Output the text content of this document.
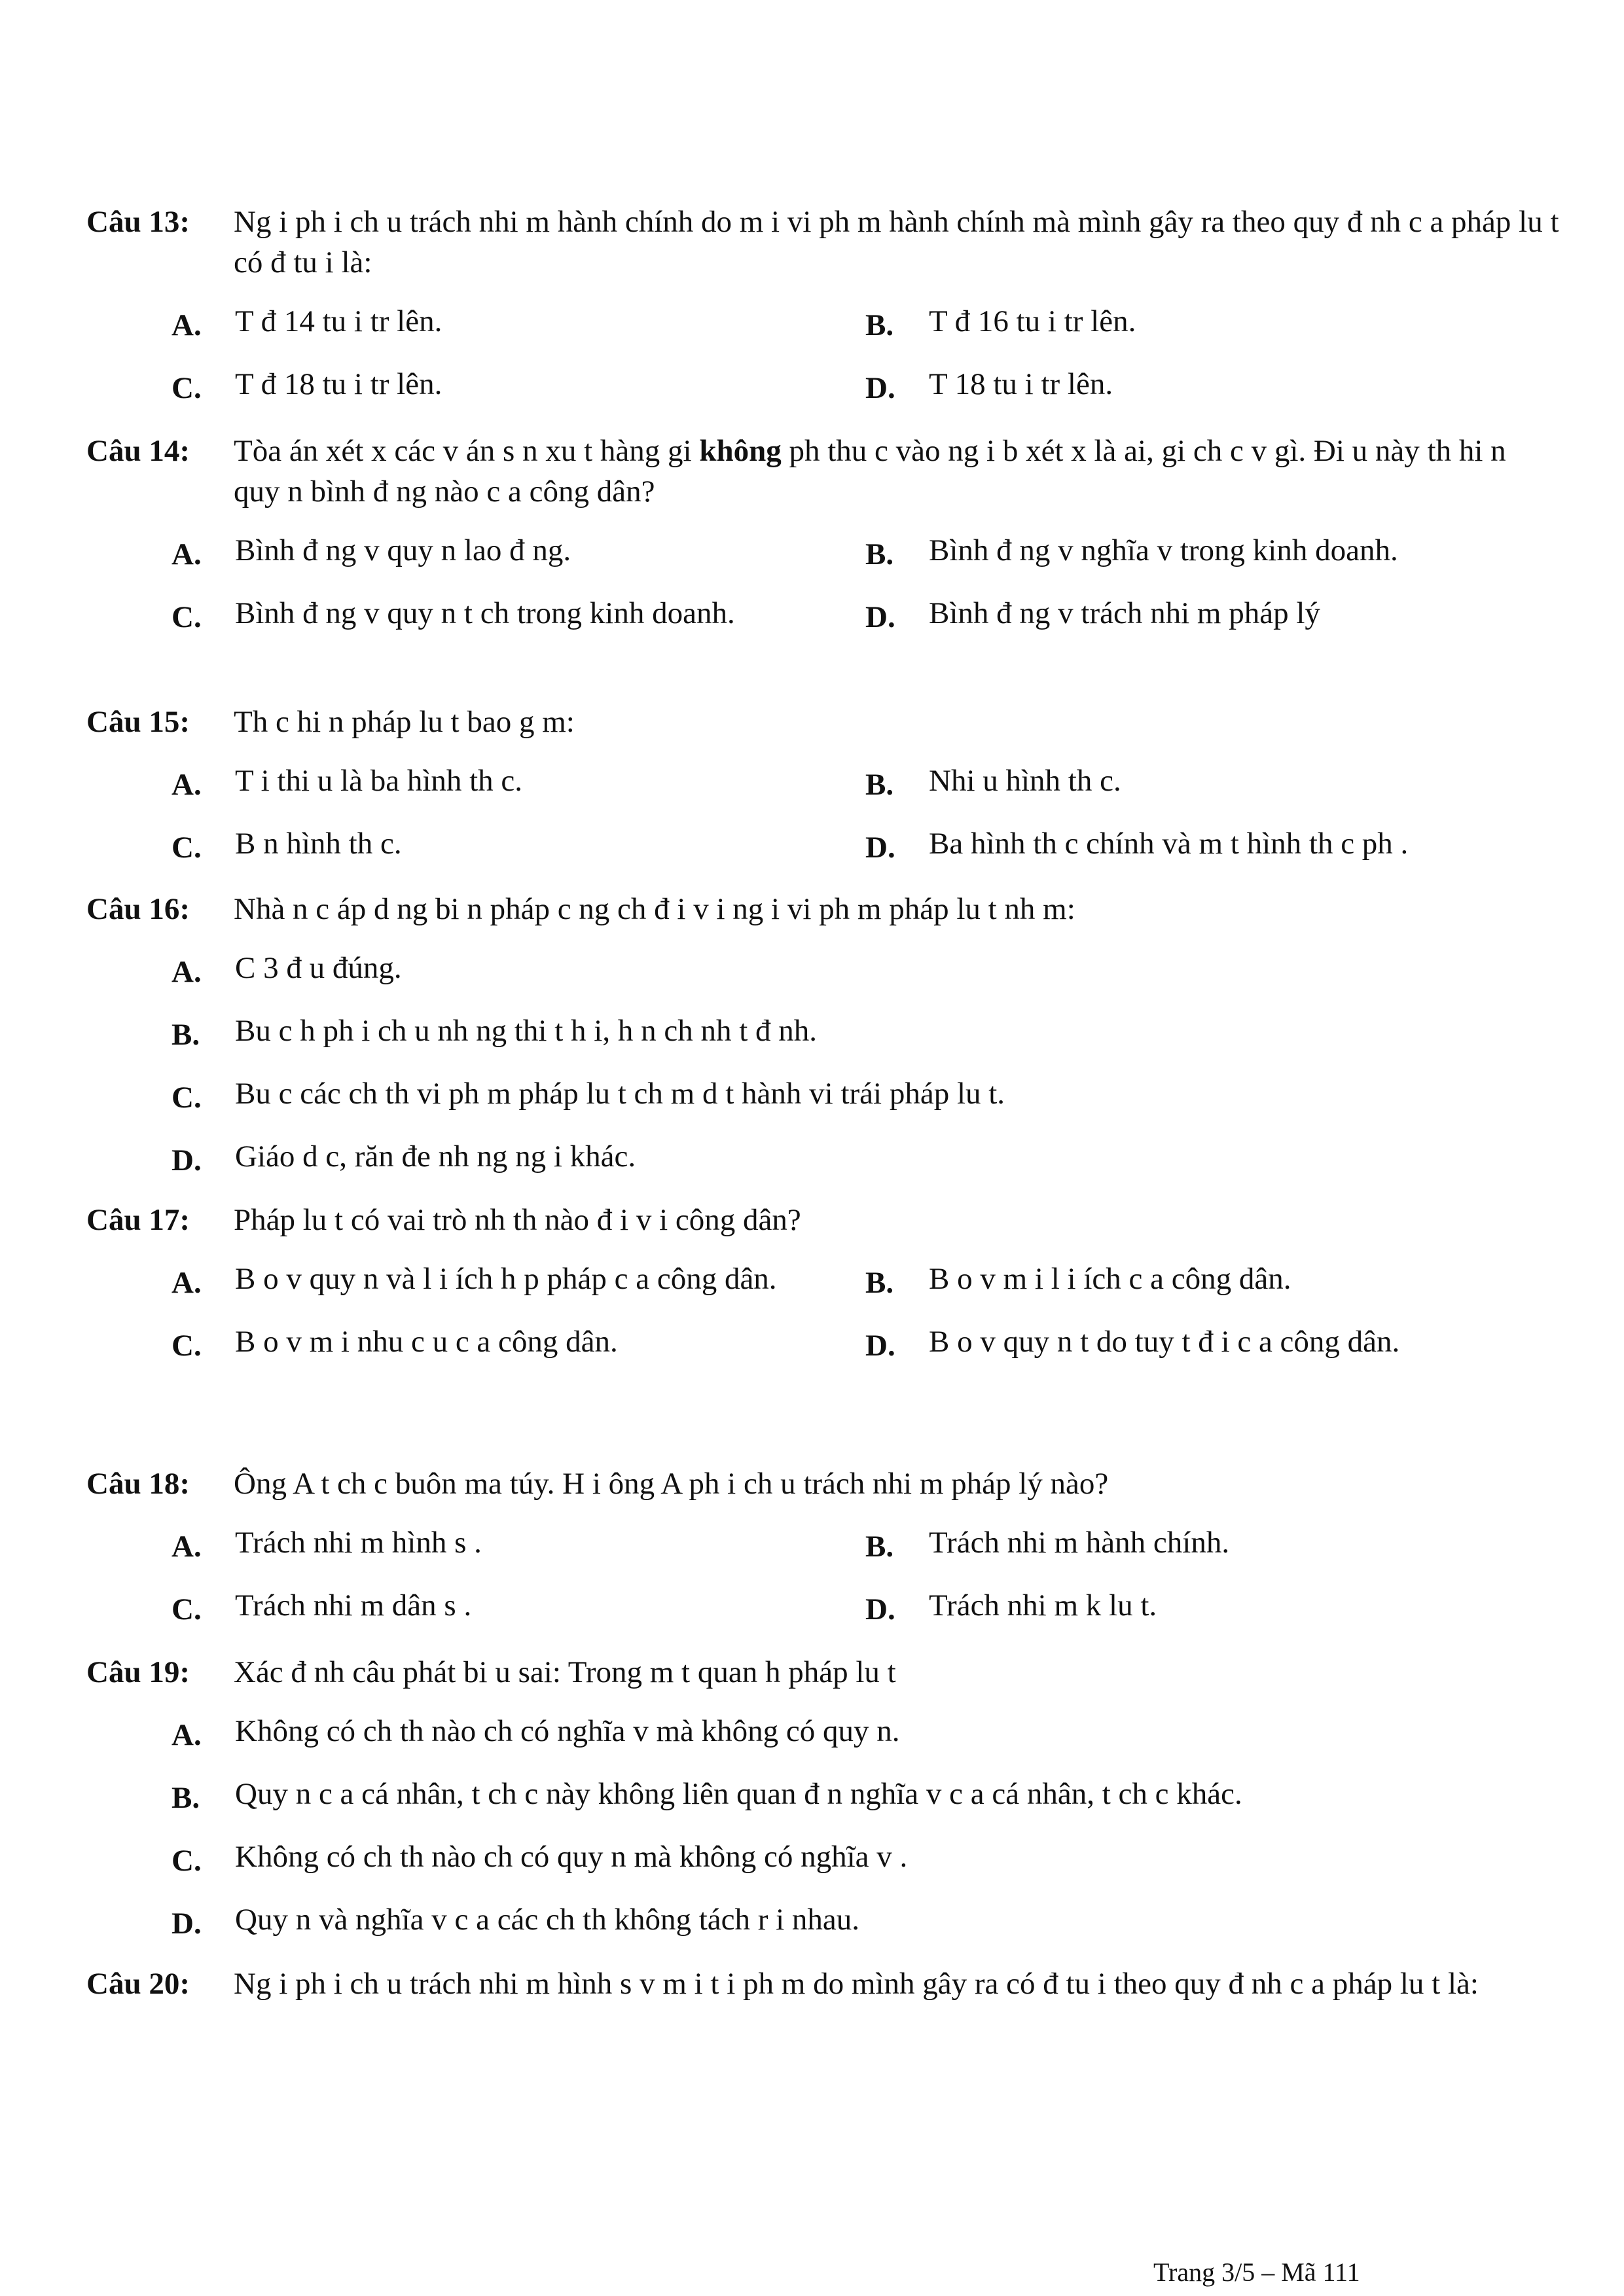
Câu 13:	Ng i ph i ch u trách nhi m hành chính do m i vi ph m hành chính mà mình gây ra theo quy đ nh c a pháp lu t có đ tu i là:
A.	T đ 14 tu i tr lên.	B.	T đ 16 tu i tr lên.
C.	T đ 18 tu i tr lên.	D.	T 18 tu i tr lên.
Câu 14:	Tòa án xét x các v án s n xu t hàng gi không ph thu c vào ng i b xét x là ai, gi ch c v gì. Đi u này th hi n quy n bình đ ng nào c a công dân?
A.	Bình đ ng v quy n lao đ ng.	B.	Bình đ ng v nghĩa v trong kinh doanh.
C.	Bình đ ng v quy n t ch trong kinh doanh.	D.	Bình đ ng v trách nhi m pháp lý
Câu 15:	Th c hi n pháp lu t bao g m:
A.	T i thi u là ba hình th c.	B.	Nhi u hình th c.
C.	B n hình th c.	D.	Ba hình th c chính và m t hình th c ph .
Câu 16:	Nhà n c áp d ng bi n pháp c ng ch đ i v i ng i vi ph m pháp lu t nh m:
A.	C 3 đ u đúng.
B.	Bu c h ph i ch u nh ng thi t h i, h n ch nh t đ nh.
C.	Bu c các ch th vi ph m pháp lu t ch m d t hành vi trái pháp lu t.
D.	Giáo d c, răn đe nh ng ng i khác.
Câu 17:	Pháp lu t có vai trò nh th nào đ i v i công dân?
A.	B o v quy n và l i ích h p pháp c a công dân.	B.	B o v m i l i ích c a công dân.
C.	B o v m i nhu c u c a công dân.	D.	B o v quy n t do tuy t đ i c a công dân.
Câu 18:	Ông A t ch c buôn ma túy. H i ông A ph i ch u trách nhi m pháp lý nào?
A.	Trách nhi m hình s .	B.	Trách nhi m hành chính.
C.	Trách nhi m dân s .	D.	Trách nhi m k lu t.
Câu 19:	Xác đ nh câu phát bi u sai: Trong m t quan h pháp lu t
A.	Không có ch th nào ch có nghĩa v mà không có quy n.
B.	Quy n c a cá nhân, t ch c này không liên quan đ n nghĩa v c a cá nhân, t ch c khác.
C.	Không có ch th nào ch có quy n mà không có nghĩa v .
D.	Quy n và nghĩa v c a các ch th không tách r i nhau.
Câu 20:	Ng i ph i ch u trách nhi m hình s v m i t i ph m do mình gây ra có đ tu i theo quy đ nh c a pháp lu t là:
Trang 3/5 – Mã 111
